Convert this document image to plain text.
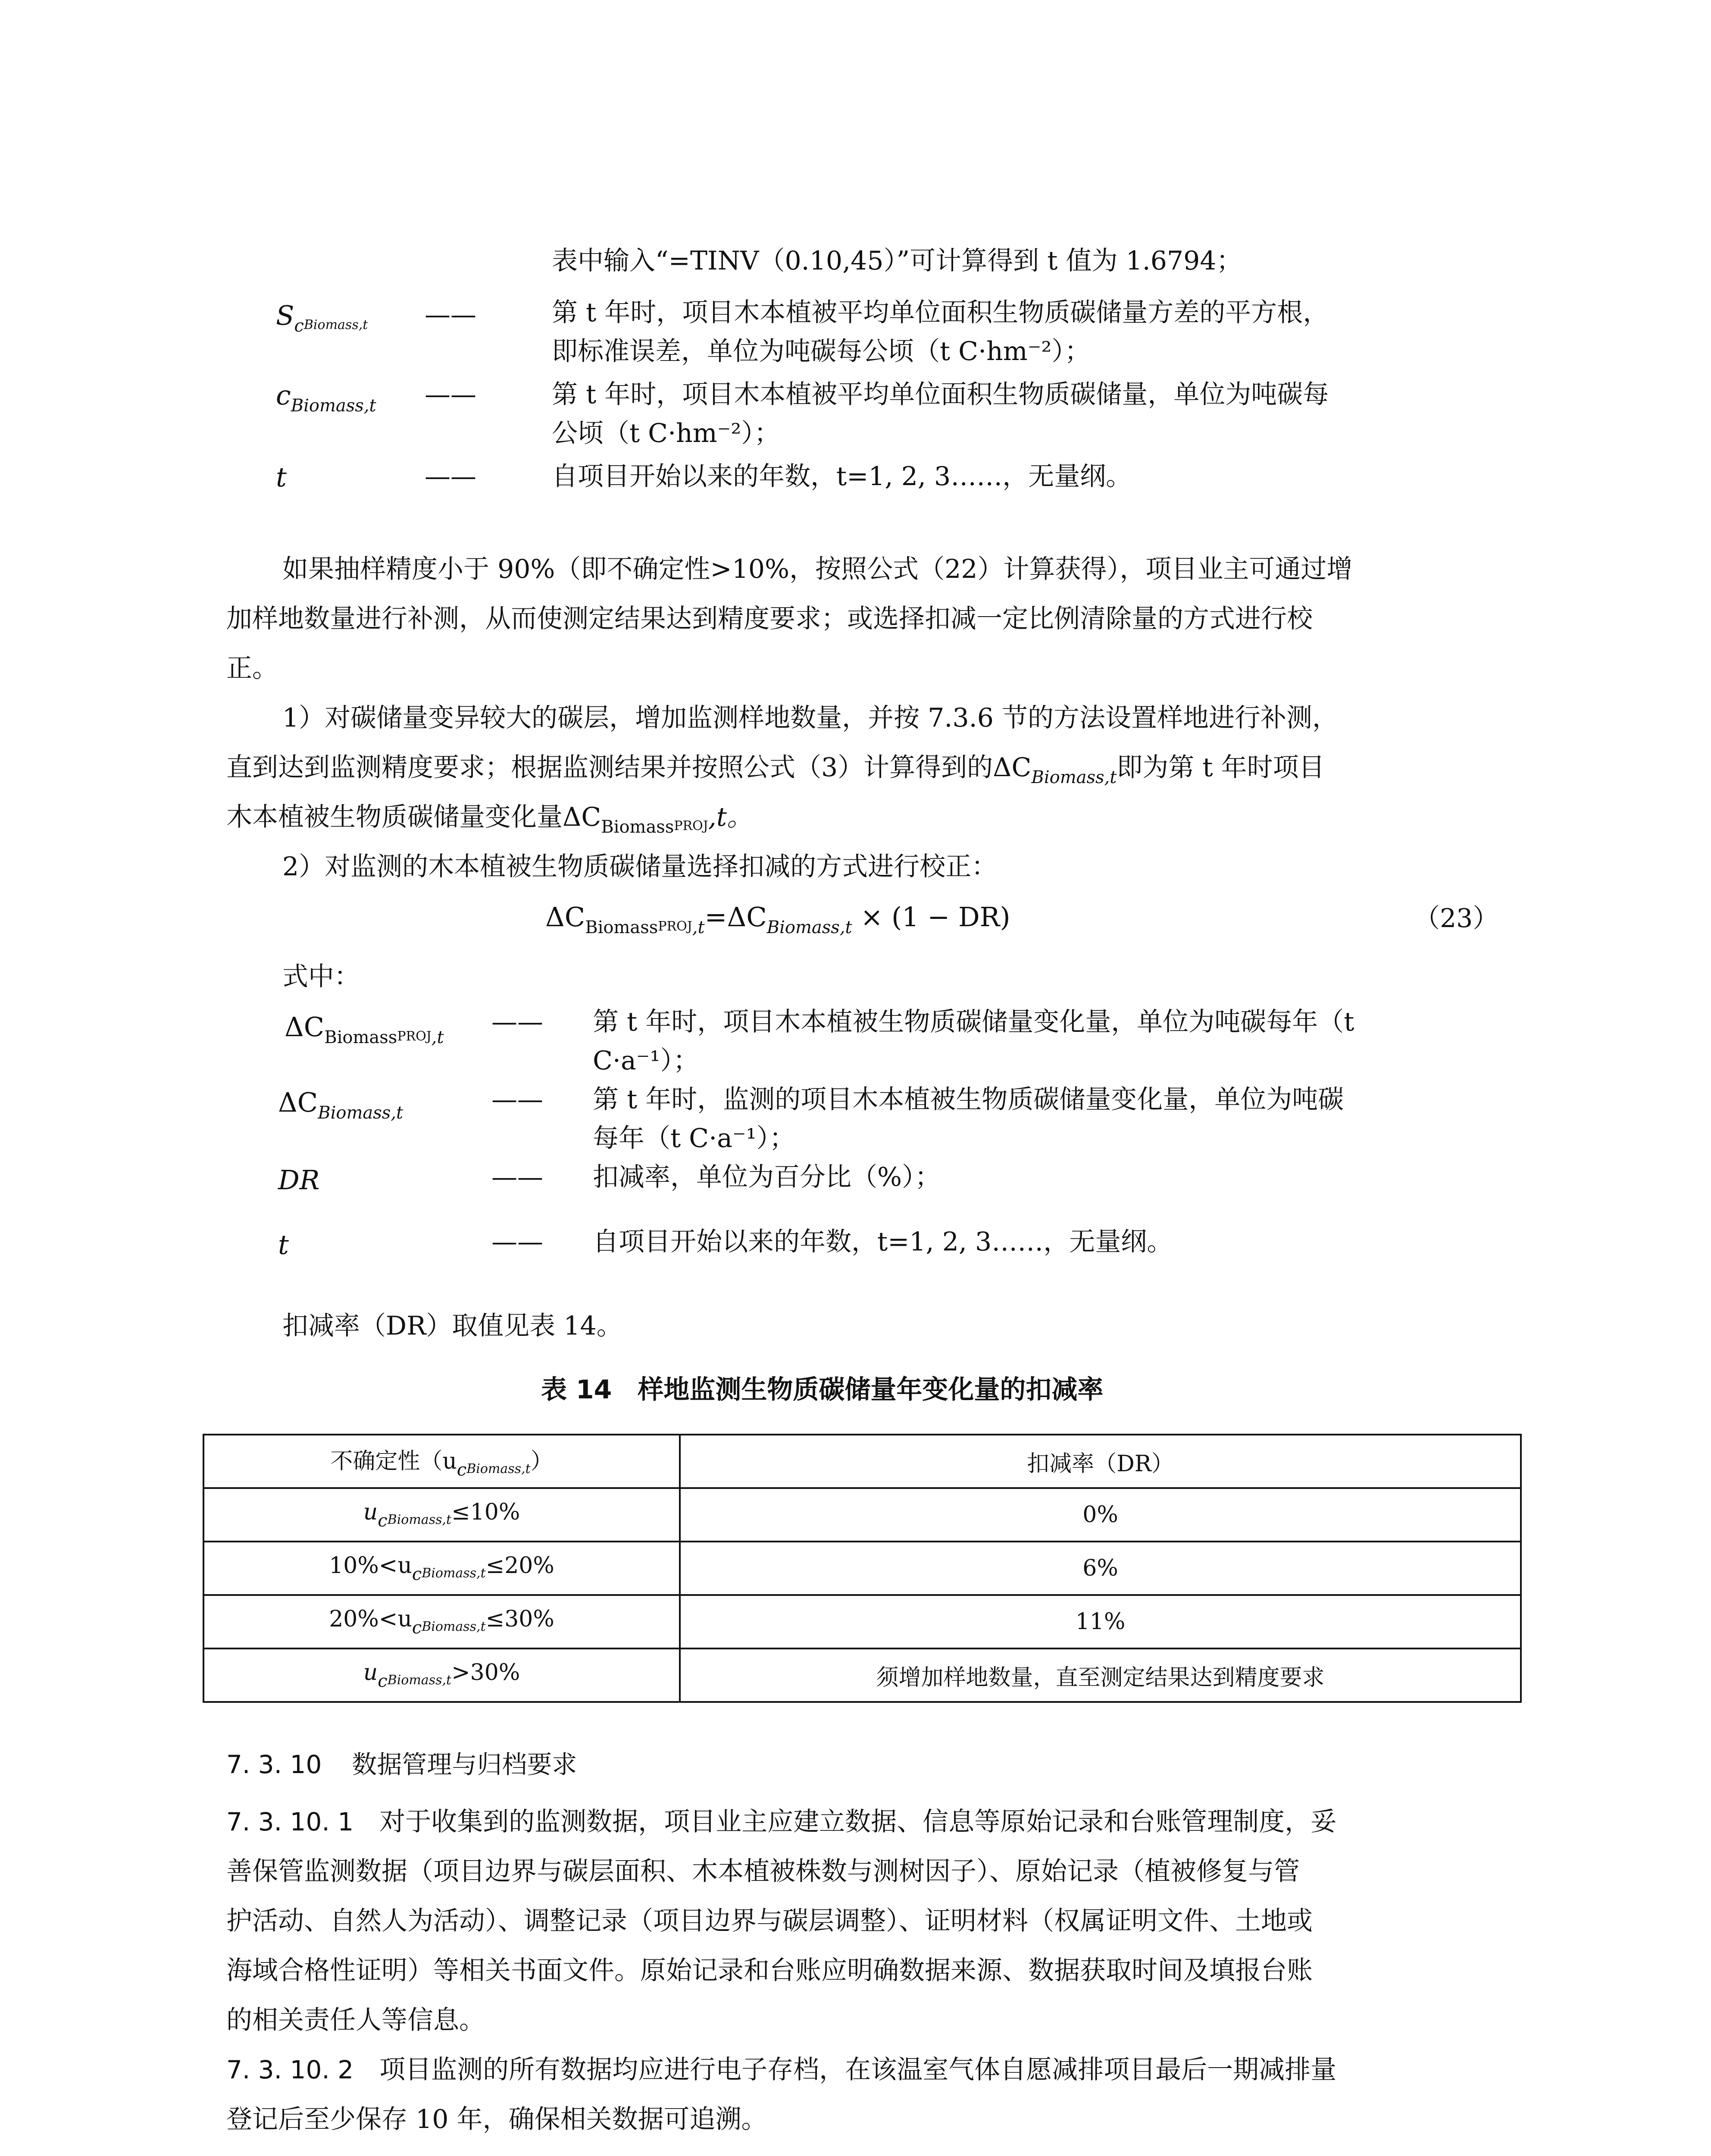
表中输入“=TINV（0.10,45）”可计算得到 t 值为 1.6794；
$S_cBiomass,t$ ——	第 t 年时，项目木本植被平均单位面积生物质碳储量方差的平方根，
即标准误差，单位为吨碳每公顷（t C·hm⁻²）；
$c_{Biomass,t}$ ——	第 t 年时，项目木本植被平均单位面积生物质碳储量，单位为吨碳每
公顷（t C·hm⁻²）；
t	——	自项目开始以来的年数，t=1, 2, 3……，无量纲。
如果抽样精度小于 90%（即不确定性>10%，按照公式（22）计算获得），项目业主可通过增
加样地数量进行补测，从而使测定结果达到精度要求；或选择扣减一定比例清除量的方式进行校
正。
1）对碳储量变异较大的碳层，增加监测样地数量，并按 7.3.6 节的方法设置样地进行补测，
直到达到监测精度要求；根据监测结果并按照公式（3）计算得到的$\Delta C_{Biomass,t}$即为第 t 年时项目
木本植被生物质碳储量变化量$\Delta C_{Biomass}PROJ,t$。
2）对监测的木本植被生物质碳储量选择扣减的方式进行校正：
$\Delta C_{Biomass}PROJ_{,t}=\Delta C_{Biomass,t} \times (1 - DR)$	（23）
式中：
$\Delta C_{Biomass}PROJ_{,t}$
—— 第 t 年时，项目木本植被生物质碳储量变化量，单位为吨碳每年（t
C·a⁻¹）；
$\Delta C_{Biomass,t}$	—— 第 t 年时，监测的项目木本植被生物质碳储量变化量，单位为吨碳
每年（t C·a⁻¹）；
DR	—— 扣减率，单位为百分比（%）；
t	—— 自项目开始以来的年数，t=1, 2, 3……，无量纲。
扣减率（DR）取值见表 14。
表 14　样地监测生物质碳储量年变化量的扣减率
不确定性$(u_cBiomass,t)$	扣减率（DR）
$u_cBiomass,t\le 10\%$	0%
$10\%<u_cBiomass,t\le 20\%$	6%
$20\%<u_cBiomass,t\le 30\%$	11%
$u_cBiomass,t>30\%$	须增加样地数量，直至测定结果达到精度要求
7. 3. 10 数据管理与归档要求
7. 3. 10. 1 对于收集到的监测数据，项目业主应建立数据、信息等原始记录和台账管理制度，妥
善保管监测数据（项目边界与碳层面积、木本植被株数与测树因子）、原始记录（植被修复与管
护活动、自然人为活动）、调整记录（项目边界与碳层调整）、证明材料（权属证明文件、土地或
海域合格性证明）等相关书面文件。原始记录和台账应明确数据来源、数据获取时间及填报台账
的相关责任人等信息。
7. 3. 10. 2 项目监测的所有数据均应进行电子存档，在该温室气体自愿减排项目最后一期减排量
登记后至少保存 10 年，确保相关数据可追溯。
